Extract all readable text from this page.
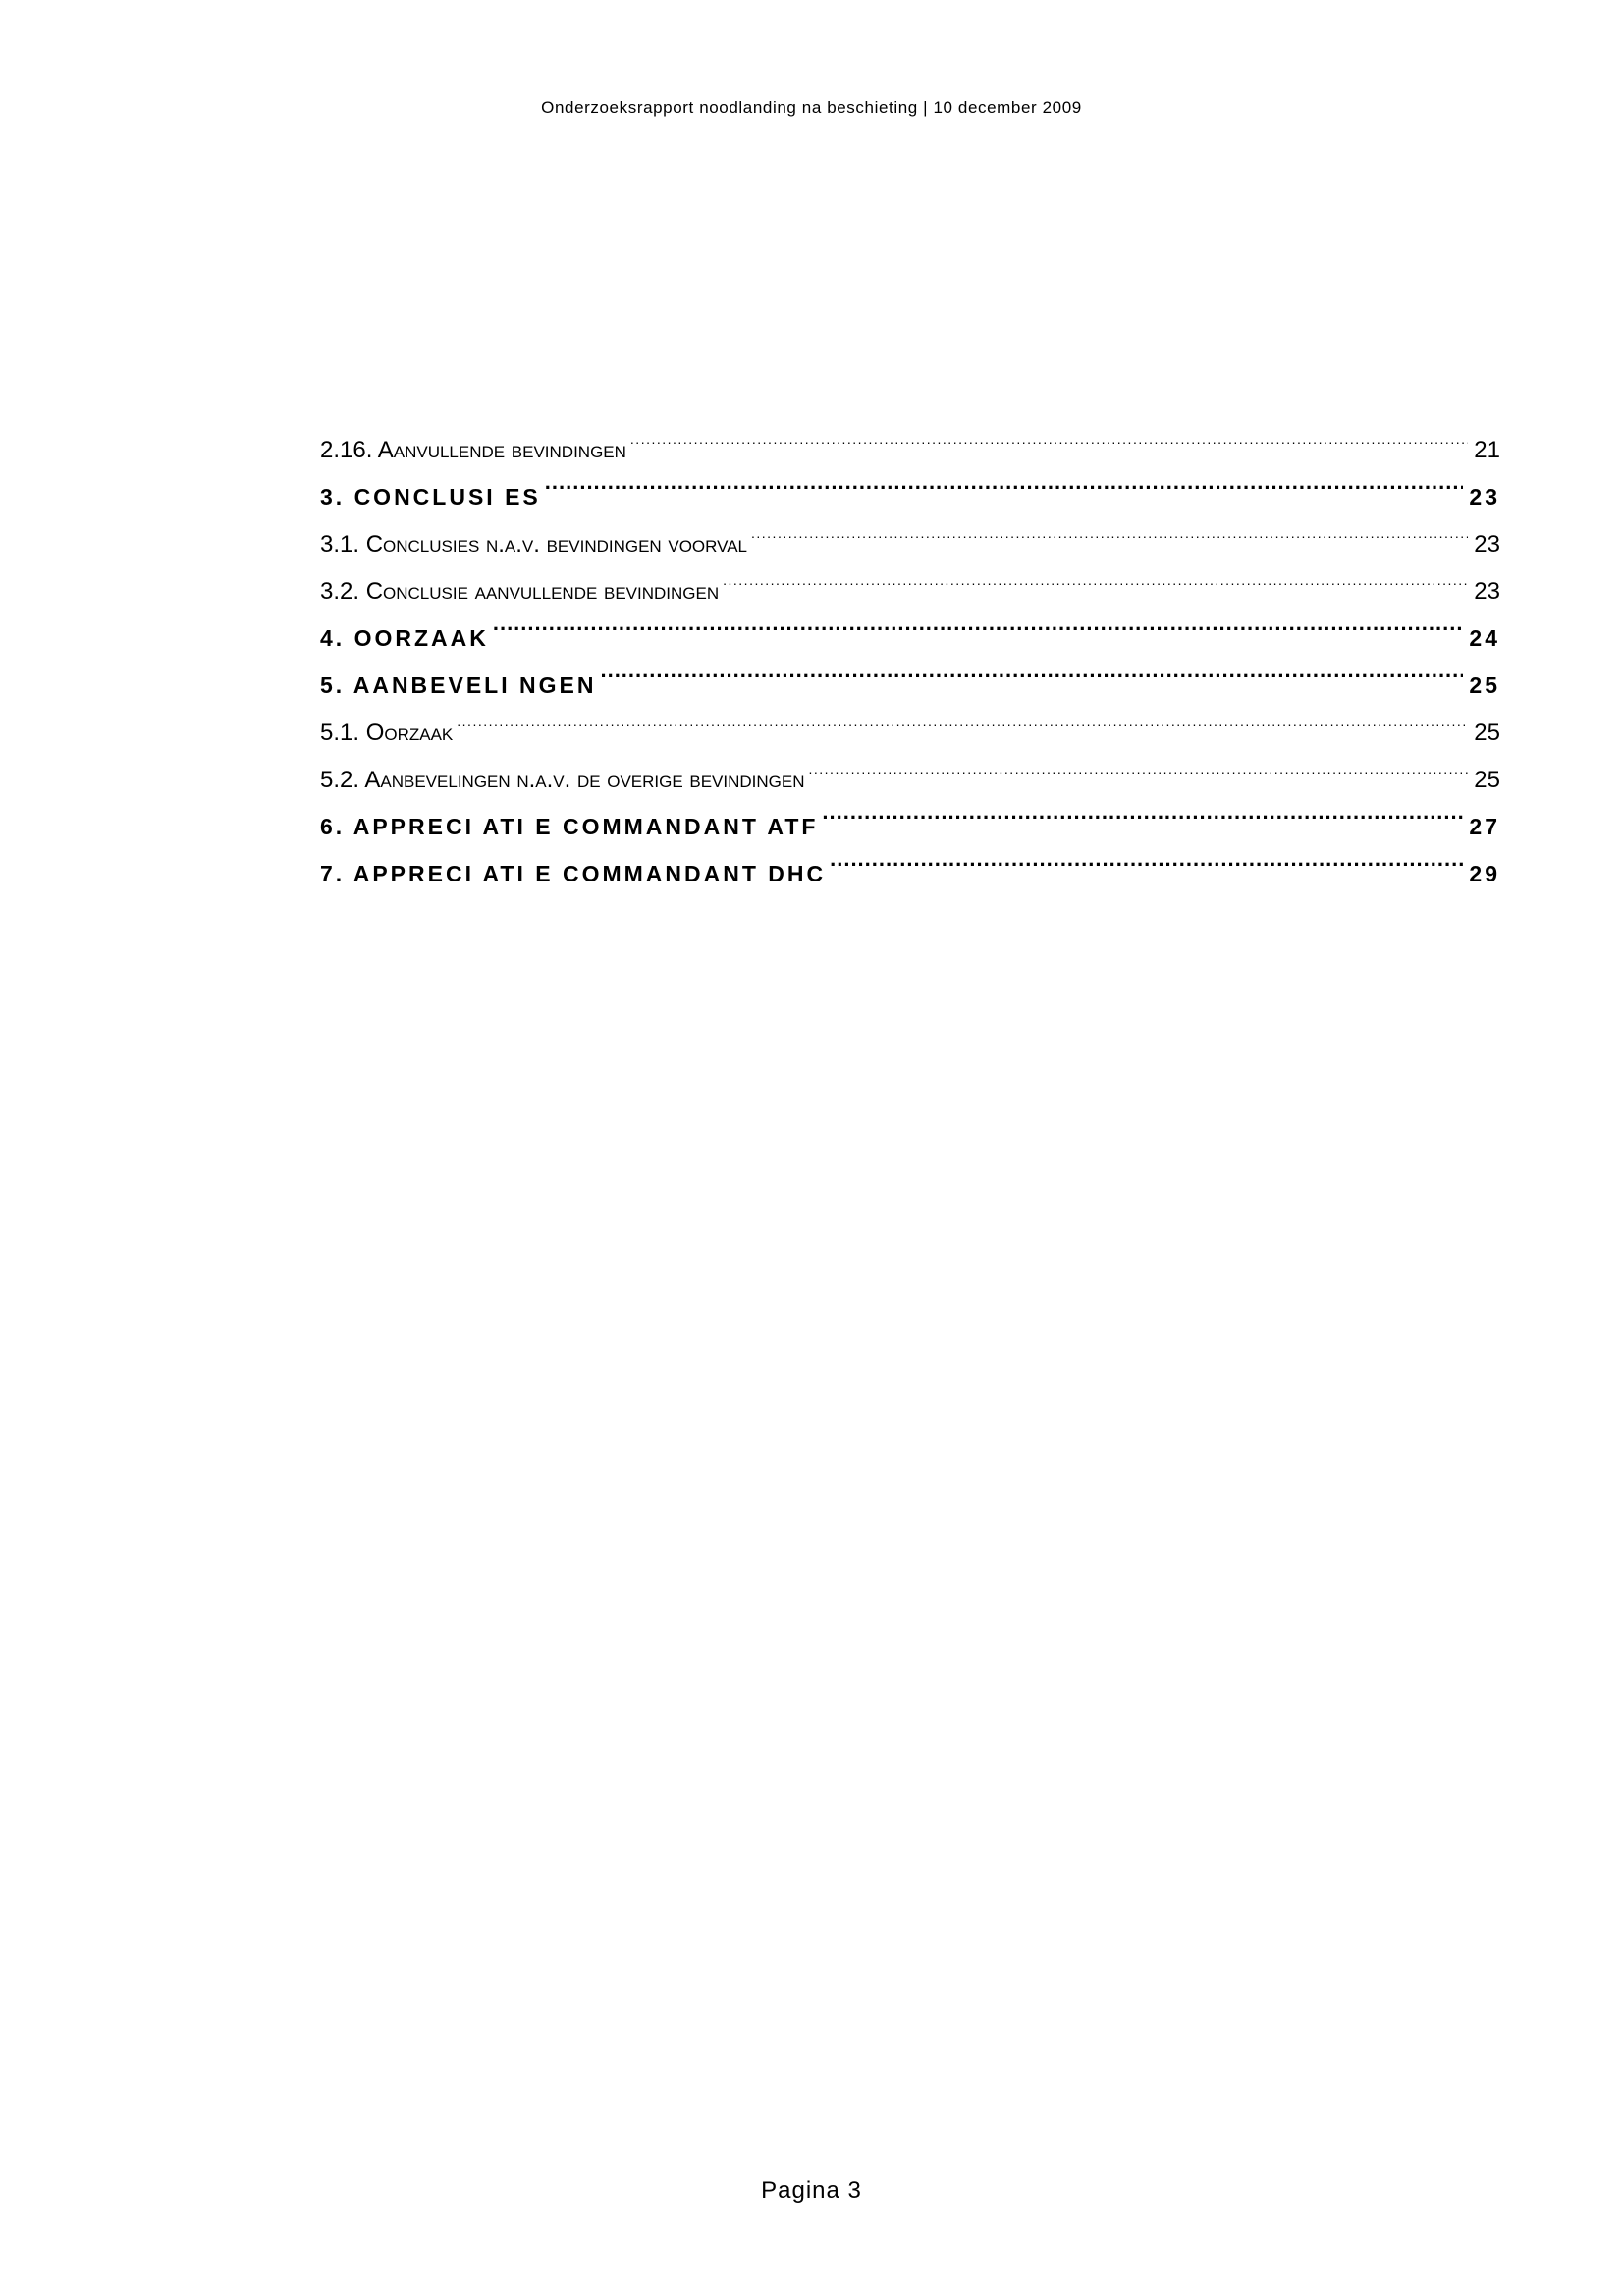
Onderzoeksrapport noodlanding na beschieting | 10 december 2009
2.16. Aanvullende bevindingen .....	21
3. CONCLUSI ES .....	23
3.1. Conclusies n.a.v. bevindingen voorval .....	23
3.2. Conclusie aanvullende bevindingen .....	23
4. OORZAAK .....	24
5. AANBEVELI NGEN .....	25
5.1. Oorzaak .....	25
5.2. Aanbevelingen n.a.v. de overige bevindingen .....	25
6. APPRECI ATI E COMMANDANT ATF .....	27
7. APPRECI ATI E COMMANDANT DHC .....	29
Pagina 3
